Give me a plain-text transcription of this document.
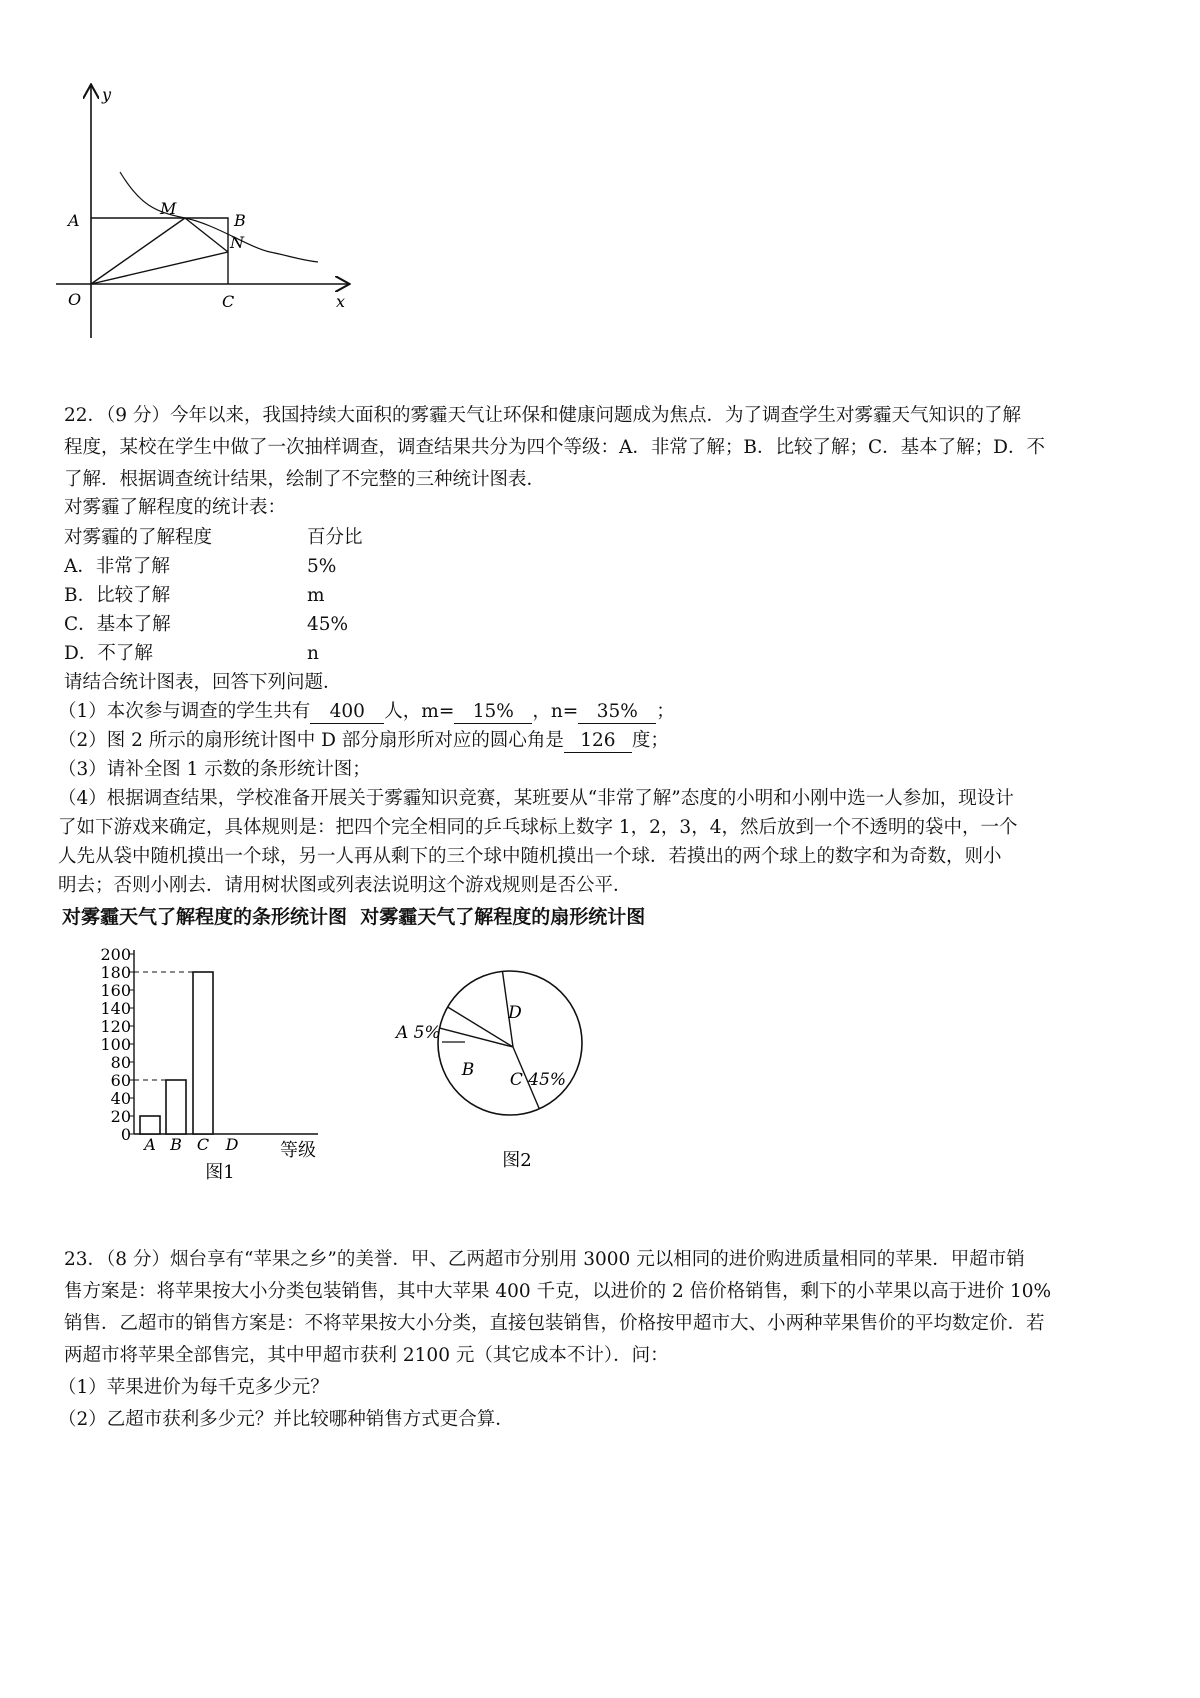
y
x
O
A	B
C
M
N
22．（9 分）今年以来，我国持续大面积的雾霾天气让环保和健康问题成为焦点．为了调查学生对雾霾天气知识的了解
程度，某校在学生中做了一次抽样调查，调查结果共分为四个等级：A．非常了解；B．比较了解；C．基本了解；D．不
了解．根据调查统计结果，绘制了不完整的三种统计图表．
对雾霾了解程度的统计表：
对雾霾的了解程度	百分比
A．非常了解	5%
B．比较了解	m
C．基本了解	45%
D．不了解	n
请结合统计图表，回答下列问题．
（1）本次参与调查的学生共有 400 人，m= 15% ，n= 35% ；
（2）图 2 所示的扇形统计图中 D 部分扇形所对应的圆心角是 126 度；
（3）请补全图 1 示数的条形统计图；
（4）根据调查结果，学校准备开展关于雾霾知识竞赛，某班要从“非常了解”态度的小明和小刚中选一人参加，现设计
了如下游戏来确定，具体规则是：把四个完全相同的乒乓球标上数字 1，2，3，4，然后放到一个不透明的袋中，一个
人先从袋中随机摸出一个球，另一人再从剩下的三个球中随机摸出一个球．若摸出的两个球上的数字和为奇数，则小
明去；否则小刚去．请用树状图或列表法说明这个游戏规则是否公平．
对雾霾天气了解程度的条形统计图  对雾霾天气了解程度的扇形统计图
0
20
40
60
80
100
120
140
160
180
200
A B C D 等级
图1
A 5%
B C 45%
D
图2
23．（8 分）烟台享有“苹果之乡”的美誉．甲、乙两超市分别用 3000 元以相同的进价购进质量相同的苹果．甲超市销
售方案是：将苹果按大小分类包装销售，其中大苹果 400 千克，以进价的 2 倍价格销售，剩下的小苹果以高于进价 10%
销售．乙超市的销售方案是：不将苹果按大小分类，直接包装销售，价格按甲超市大、小两种苹果售价的平均数定价．若
两超市将苹果全部售完，其中甲超市获利 2100 元（其它成本不计）．问：
（1）苹果进价为每千克多少元？
（2）乙超市获利多少元？并比较哪种销售方式更合算．
